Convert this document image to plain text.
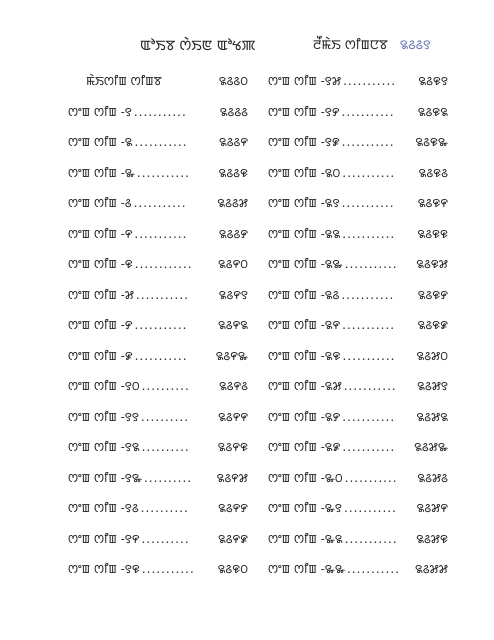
ꯑꯣꯏꯕ ꯁꯥꯏꯟ ꯑꯣꯠꯄ	ꯂꯩꯃꯥꯏ ꯁꯤꯡꯅꯕ ꯲꯴꯴꯱
ꯃꯥꯏꯁꯤꯡ ꯁꯤꯡꯕ	꯲꯴꯴꯰
ꯁꯦꯡ ꯁꯤꯡ -꯱ ...........	꯲꯴꯴꯴
ꯁꯦꯡ ꯁꯤꯡ -꯲ ...........	꯲꯴꯴꯵
ꯁꯦꯡ ꯁꯤꯡ -꯳ ...........	꯲꯴꯴꯶
ꯁꯦꯡ ꯁꯤꯡ -꯴ ...........	꯲꯴꯴꯷
ꯁꯦꯡ ꯁꯤꯡ -꯵ ...........	꯲꯴꯴꯸
ꯁꯦꯡ ꯁꯤꯡ -꯶ ............	꯲꯴꯵꯰
ꯁꯦꯡ ꯁꯤꯡ -꯷ ...........	꯲꯴꯵꯱
ꯁꯦꯡ ꯁꯤꯡ -꯸ ...........	꯲꯴꯵꯲
ꯁꯦꯡ ꯁꯤꯡ -꯹ ...........	꯲꯴꯵꯳
ꯁꯦꯡ ꯁꯤꯡ -꯱꯰ ..........	꯲꯴꯵꯴
ꯁꯦꯡ ꯁꯤꯡ -꯱꯱ ..........	꯲꯴꯵꯵
ꯁꯦꯡ ꯁꯤꯡ -꯱꯲ ..........	꯲꯴꯵꯶
ꯁꯦꯡ ꯁꯤꯡ -꯱꯳ ..........	꯲꯴꯵꯷
ꯁꯦꯡ ꯁꯤꯡ -꯱꯴ ..........	꯲꯴꯵꯸
ꯁꯦꯡ ꯁꯤꯡ -꯱꯵ ..........	꯲꯴꯵꯹
ꯁꯦꯡ ꯁꯤꯡ -꯱꯶ ...........	꯲꯴꯶꯰
ꯁꯦꯡ ꯁꯤꯡ -꯱꯷ ...........	꯲꯴꯶꯱
ꯁꯦꯡ ꯁꯤꯡ -꯱꯸ ...........	꯲꯴꯶꯲
ꯁꯦꯡ ꯁꯤꯡ -꯱꯹ ...........	꯲꯴꯶꯳
ꯁꯦꯡ ꯁꯤꯡ -꯲꯰ ...........	꯲꯴꯶꯴
ꯁꯦꯡ ꯁꯤꯡ -꯲꯱ ...........	꯲꯴꯶꯵
ꯁꯦꯡ ꯁꯤꯡ -꯲꯲ ...........	꯲꯴꯶꯶
ꯁꯦꯡ ꯁꯤꯡ -꯲꯳ ...........	꯲꯴꯶꯷
ꯁꯦꯡ ꯁꯤꯡ -꯲꯴ ...........	꯲꯴꯶꯸
ꯁꯦꯡ ꯁꯤꯡ -꯲꯵ ...........	꯲꯴꯶꯹
ꯁꯦꯡ ꯁꯤꯡ -꯲꯶ ...........	꯲꯴꯷꯰
ꯁꯦꯡ ꯁꯤꯡ -꯲꯷ ...........	꯲꯴꯷꯱
ꯁꯦꯡ ꯁꯤꯡ -꯲꯸ ...........	꯲꯴꯷꯲
ꯁꯦꯡ ꯁꯤꯡ -꯲꯹ ...........	꯲꯴꯷꯳
ꯁꯦꯡ ꯁꯤꯡ -꯳꯰ ...........	꯲꯴꯷꯴
ꯁꯦꯡ ꯁꯤꯡ -꯳꯱ ...........	꯲꯴꯷꯵
ꯁꯦꯡ ꯁꯤꯡ -꯳꯲ ...........	꯲꯴꯷꯶
ꯁꯦꯡ ꯁꯤꯡ -꯳꯳ ...........	꯲꯴꯷꯷
